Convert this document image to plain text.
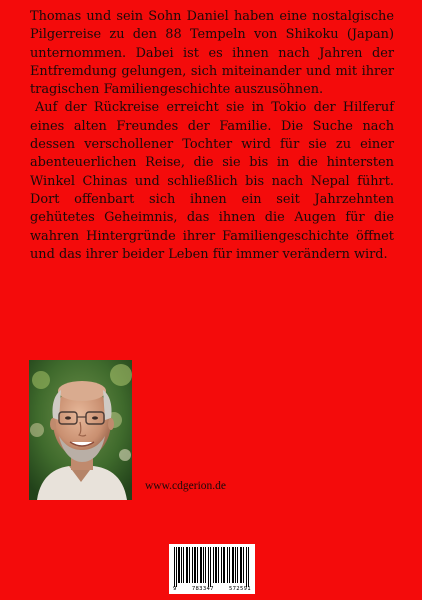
Thomas und sein Sohn Daniel haben eine nostalgische Pilgerreise zu den 88 Tempeln von Shikoku (Japan) unternommen. Dabei ist es ihnen nach Jahren der Entfremdung gelungen, sich miteinander und mit ihrer tragischen Familiengeschichte auszusöhnen.

Auf der Rückreise erreicht sie in Tokio der Hilferuf eines alten Freundes der Familie. Die Suche nach dessen verschollener Tochter wird für sie zu einer abenteuerlichen Reise, die sie bis in die hintersten Winkel Chinas und schließlich bis nach Nepal führt. Dort offenbart sich ihnen ein seit Jahrzehnten gehütetes Geheimnis, das ihnen die Augen für die wahren Hintergründe ihrer Familiengeschichte öffnet und das ihrer beider Leben für immer verändern wird.

www.cdgerion.de
9	783347	572591
